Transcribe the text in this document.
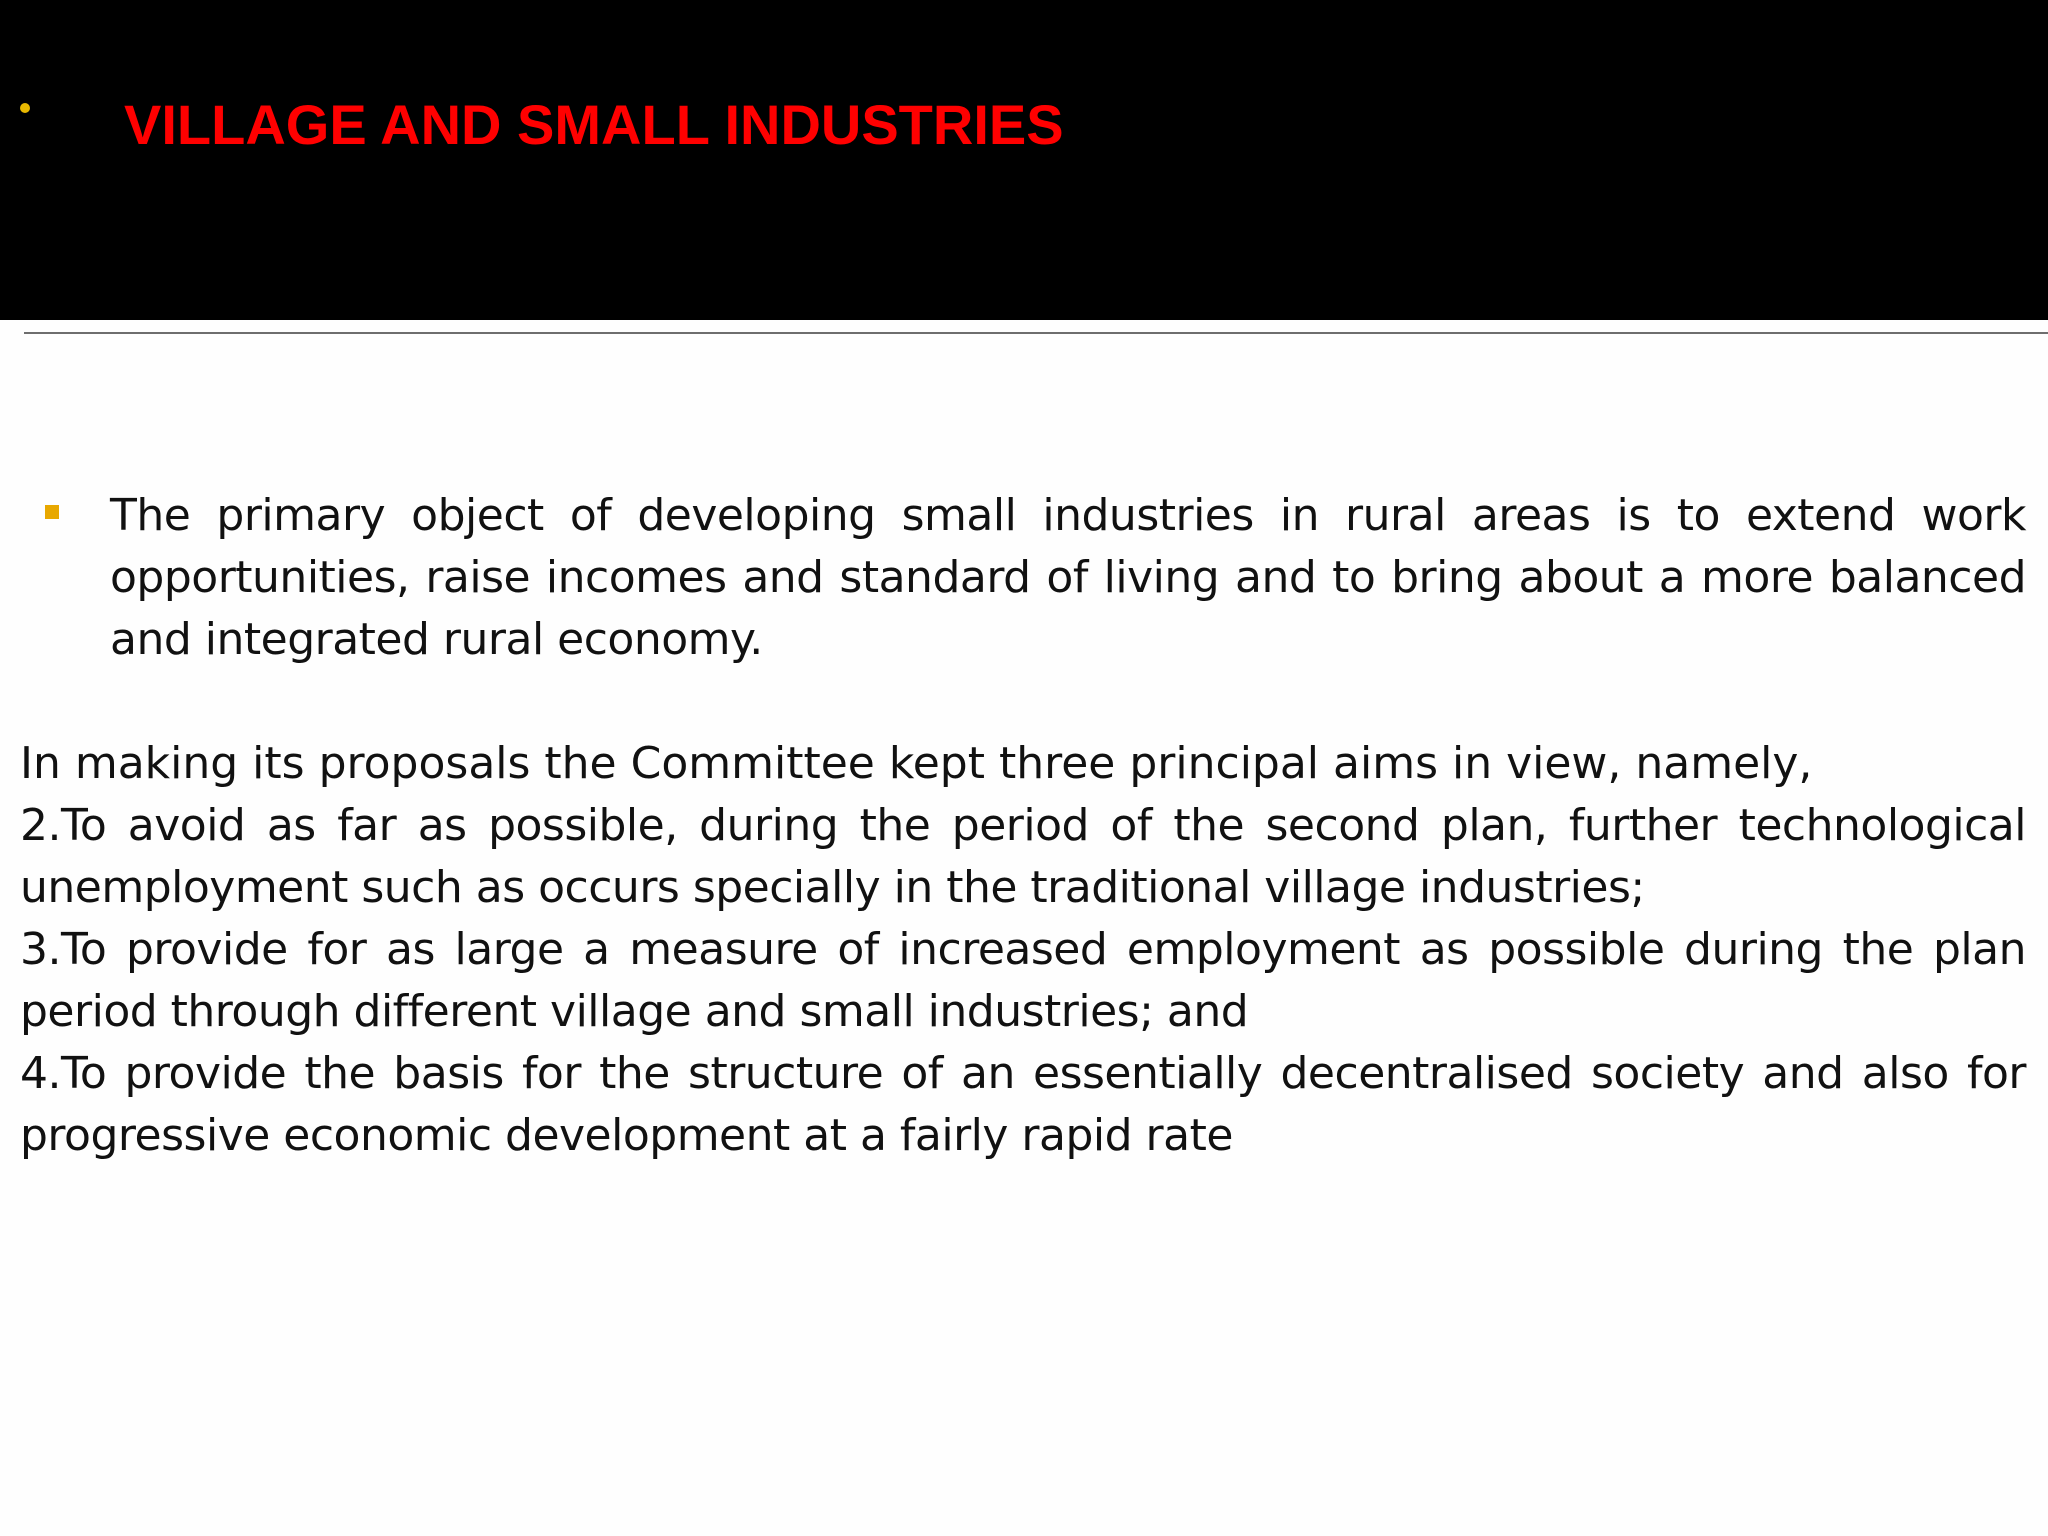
VILLAGE AND SMALL INDUSTRIES

The primary object of developing small industries in rural areas is to extend work opportunities, raise incomes and standard of living and to bring about a more balanced and integrated rural economy.

In making its proposals the Committee kept three principal aims in view, namely,

2.To avoid as far as possible, during the period of the second plan, further technological unemployment such as occurs specially in the traditional village industries;

3.To provide for as large a measure of increased employment as possible during the plan period through different village and small industries; and

4.To provide the basis for the structure of an essentially decentralised society and also for progressive economic development at a fairly rapid rate
